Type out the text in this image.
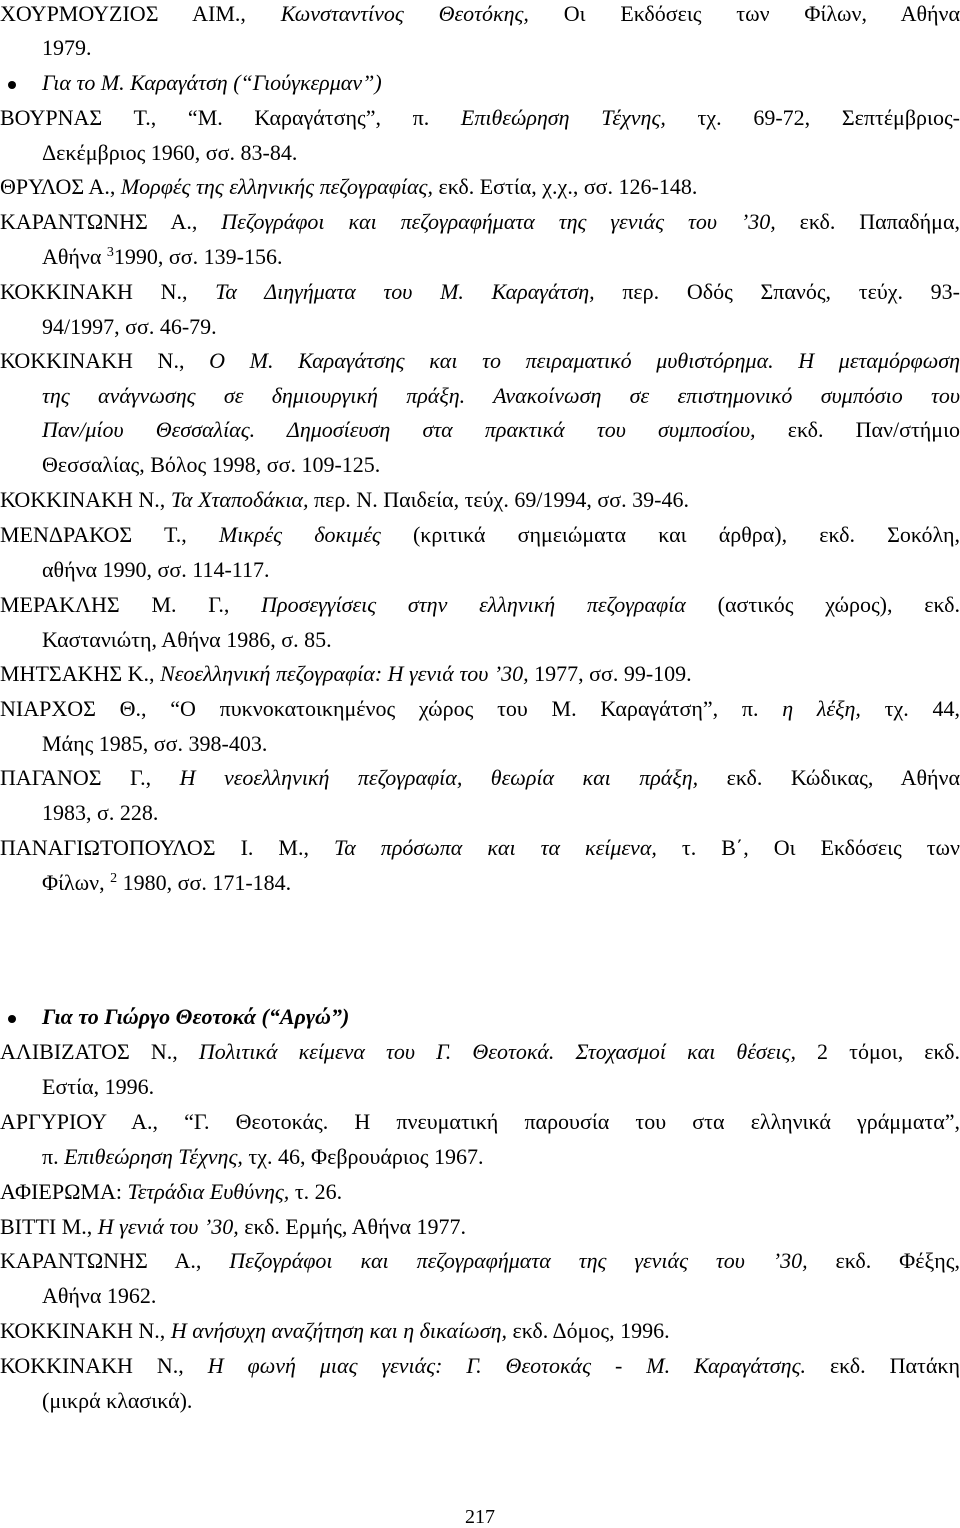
ΧΟΥΡΜΟΥΖΙΟΣ ΑΙΜ., Κωνσταντίνος Θεοτόκης, Οι Εκδόσεις των Φίλων, Αθήνα
1979.
Για το Μ. Καραγάτση (“Γιούγκερμαν”)
ΒΟΥΡΝΑΣ Τ., “Μ. Καραγάτσης”, π. Επιθεώρηση Τέχνης, τχ. 69-72, Σεπτέμβριος-
Δεκέμβριος 1960, σσ. 83-84.
ΘΡΥΛΟΣ Α., Μορφές της ελληνικής πεζογραφίας, εκδ. Εστία, χ.χ., σσ. 126-148.
ΚΑΡΑΝΤΩΝΗΣ Α., Πεζογράφοι και πεζογραφήματα της γενιάς του ’30, εκδ. Παπαδήμα,
Αθήνα $^3$1990, σσ. 139-156.
ΚΟΚΚΙΝΑΚΗ Ν., Τα Διηγήματα του Μ. Καραγάτση, περ. Οδός Σπανός, τεύχ. 93-
94/1997, σσ. 46-79.
ΚΟΚΚΙΝΑΚΗ Ν., Ο Μ. Καραγάτσης και το πειραματικό μυθιστόρημα. Η μεταμόρφωση
της ανάγνωσης σε δημιουργική πράξη. Ανακοίνωση σε επιστημονικό συμπόσιο του
Παν/μίου Θεσσαλίας. Δημοσίευση στα πρακτικά του συμποσίου, εκδ. Παν/στήμιο
Θεσσαλίας, Βόλος 1998, σσ. 109-125.
ΚΟΚΚΙΝΑΚΗ Ν., Τα Χταποδάκια, περ. Ν. Παιδεία, τεύχ. 69/1994, σσ. 39-46.
ΜΕΝΔΡΑΚΟΣ Τ., Μικρές δοκιμές (κριτικά σημειώματα και άρθρα), εκδ. Σοκόλη,
αθήνα 1990, σσ. 114-117.
ΜΕΡΑΚΛΗΣ Μ. Γ., Προσεγγίσεις στην ελληνική πεζογραφία (αστικός χώρος), εκδ.
Καστανιώτη, Αθήνα 1986, σ. 85.
ΜΗΤΣΑΚΗΣ Κ., Νεοελληνική πεζογραφία: Η γενιά του ’30, 1977, σσ. 99-109.
ΝΙΑΡΧΟΣ Θ., “Ο πυκνοκατοικημένος χώρος του Μ. Καραγάτση”, π. η λέξη, τχ. 44,
Μάης 1985, σσ. 398-403.
ΠΑΓΑΝΟΣ Γ., Η νεοελληνική πεζογραφία, θεωρία και πράξη, εκδ. Κώδικας, Αθήνα
1983, σ. 228.
ΠΑΝΑΓΙΩΤΟΠΟΥΛΟΣ Ι. Μ., Τα πρόσωπα και τα κείμενα, τ. Β΄, Οι Εκδόσεις των
Φίλων, $^2$ 1980, σσ. 171-184.
Για το Γιώργο Θεοτοκά (“Αργώ”)
ΑΛΙΒΙΖΑΤΟΣ Ν., Πολιτικά κείμενα του Γ. Θεοτοκά. Στοχασμοί και θέσεις, 2 τόμοι, εκδ.
Εστία, 1996.
ΑΡΓΥΡΙΟΥ Α., “Γ. Θεοτοκάς. Η πνευματική παρουσία του στα ελληνικά γράμματα”,
π. Επιθεώρηση Τέχνης, τχ. 46, Φεβρουάριος 1967.
ΑΦΙΕΡΩΜΑ: Τετράδια Ευθύνης, τ. 26.
ΒΙΤΤΙ Μ., Η γενιά του ’30, εκδ. Ερμής, Αθήνα 1977.
ΚΑΡΑΝΤΩΝΗΣ Α., Πεζογράφοι και πεζογραφήματα της γενιάς του ’30, εκδ. Φέξης,
Αθήνα 1962.
ΚΟΚΚΙΝΑΚΗ Ν., Η ανήσυχη αναζήτηση και η δικαίωση, εκδ. Δόμος, 1996.
ΚΟΚΚΙΝΑΚΗ Ν., Η φωνή μιας γενιάς: Γ. Θεοτοκάς - Μ. Καραγάτσης. εκδ. Πατάκη
(μικρά κλασικά).
217
